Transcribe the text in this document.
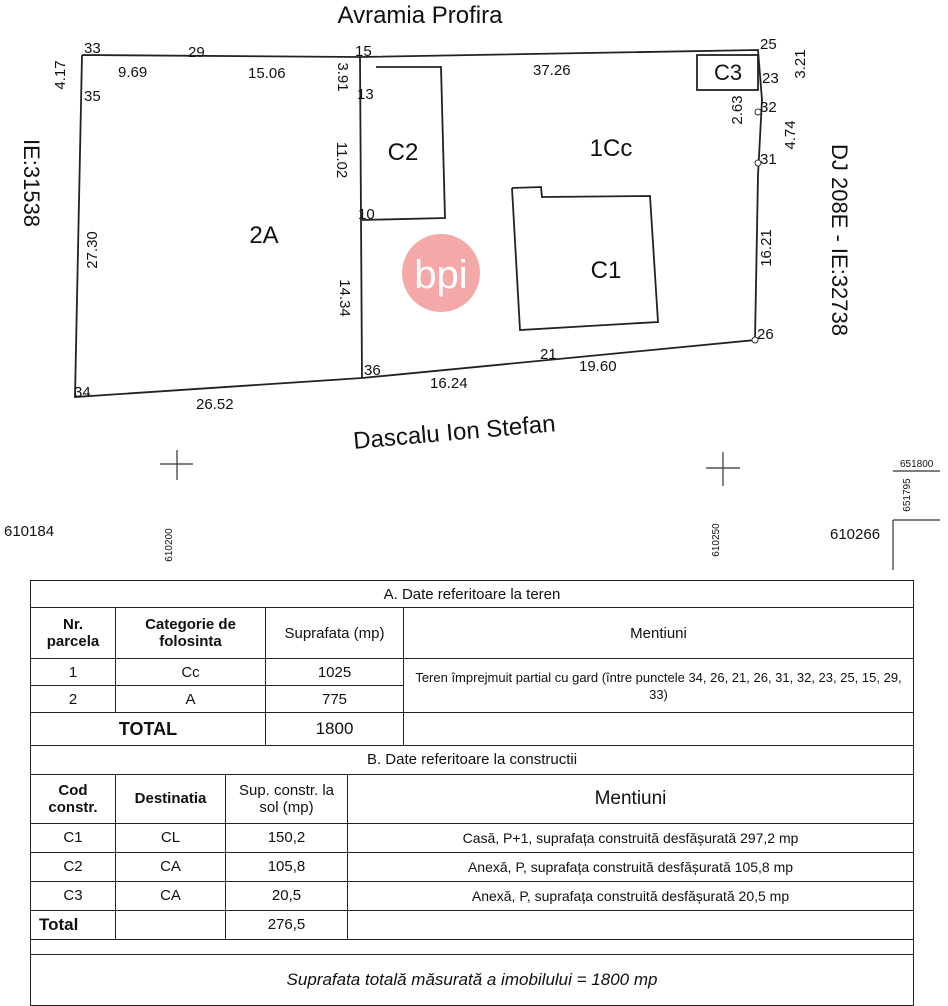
bpi
Avramia Profira
Dascalu Ion Stefan
DJ 208E - IE:32738
IE:31538
2A
1Cc
C1
C2
C3
33	29	15	25
35	13
23
32
31
10
26
36
21
34
9.69	15.06	37.26
19.60
16.24
26.52
4.17	3.91	3.21
2.63
4.74
11.02
27.30	16.21
14.34
610184	610266
610200	610250
651800
651795
A. Date referitoare la teren			
Nr. parcela	Categorie de folosinta	Suprafata (mp)	Mentiuni
1	Cc	1025	Teren împrejmuit partial cu gard (între punctele 34, 26, 21, 26, 31, 32, 23, 25, 15, 29, 33)
2	A	775	
TOTAL		1800	
B. Date referitoare la constructii			
Cod constr.	Destinatia	Sup. constr. la sol (mp)	Mentiuni
C1	CL	150,2	Casă, P+1, suprafața construită desfășurată 297,2 mp
C2	CA	105,8	Anexă, P, suprafața construită desfășurată 105,8 mp
C3	CA	20,5	Anexă, P, suprafața construită desfășurată 20,5 mp
Total		276,5	
Suprafata totală măsurată a imobilului = 1800 mp
